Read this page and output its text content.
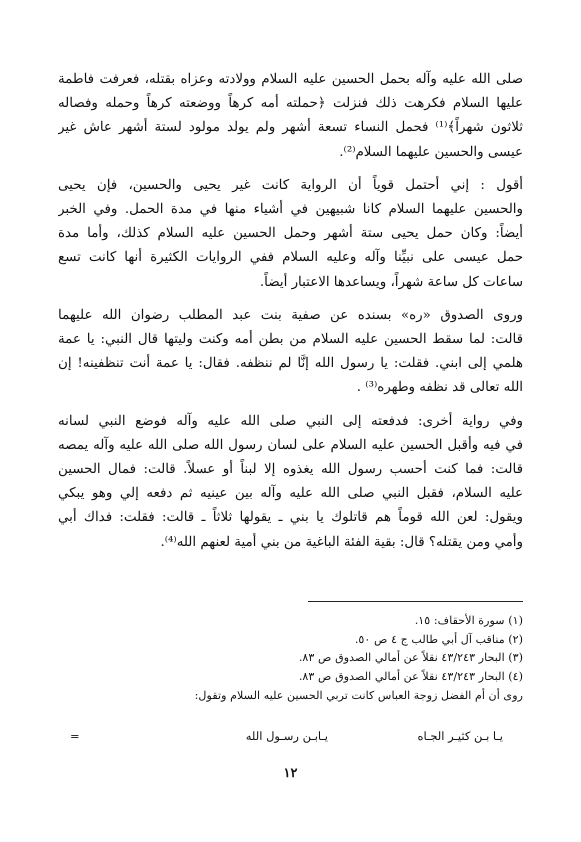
صلى الله عليه وآله بحمل الحسين عليه السلام وولادته وعزاه بقتله، فعرفت فاطمة
عليها السلام فكرهت ذلك فنزلت ﴿حملته أمه كرهاً ووضعته كرهاً وحمله وفصاله
ثلاثون شهراً﴾⁽¹⁾ فحمل النساء تسعة أشهر ولم يولد مولود لستة أشهر عاش غير
عيسى والحسين عليهما السلام⁽²⁾.
أقول : إني أحتمل قوياً أن الرواية كانت غير يحيى والحسين، فإن يحيى
والحسين عليهما السلام كانا شبيهين في أشياء منها في مدة الحمل. وفي الخبر
أيضاً: وكان حمل يحيى ستة أشهر وحمل الحسين عليه السلام كذلك، وأما مدة
حمل عيسى على نبيِّنا وآله وعليه السلام ففي الروايات الكثيرة أنها كانت تسع
ساعات كل ساعة شهراً، ويساعدها الاعتبار أيضاً.
وروى الصدوق «ره» بسنده عن صفية بنت عبد المطلب رضوان الله عليهما
قالت: لما سقط الحسين عليه السلام من بطن أمه وكنت وليتها قال النبي: يا عمة
هلمي إلى ابني. فقلت: يا رسول الله إنَّا لم ننظفه. فقال: يا عمة أنت تنظفينه! إن
الله تعالى قد نظفه وطهره⁽³⁾ .
وفي رواية أخرى: فدفعته إلى النبي صلى الله عليه وآله فوضع النبي لسانه
في فيه وأقبل الحسين عليه السلام على لسان رسول الله صلى الله عليه وآله يمصه
قالت: فما كنت أحسب رسول الله يغذوه إلا لبناً أو عسلاً. قالت: فمال الحسين
عليه السلام، فقبل النبي صلى الله عليه وآله بين عينيه ثم دفعه إلي وهو يبكي
ويقول: لعن الله قوماً هم قاتلوك يا بني ـ يقولها ثلاثاً ـ قالت: فقلت: فداك أبي
وأمي ومن يقتله؟ قال: بقية الفئة الباغية من بني أمية لعنهم الله⁽⁴⁾.
(١) سورة الأحقاف: ١٥.
(٢) مناقب آل أبي طالب ج ٤ ص ٥٠.
(٣) البحار ٤٣/٢٤٣ نقلاً عن أمالي الصدوق ص ٨٣.
(٤) البحار ٤٣/٢٤٣ نقلاً عن أمالي الصدوق ص ٨٣.
روى أن أم الفضل زوجة العباس كانت تربي الحسين عليه السلام وتقول:
يـابـن رسـول الله	يـا بـن كثيـر الجـاه
=
١٢
